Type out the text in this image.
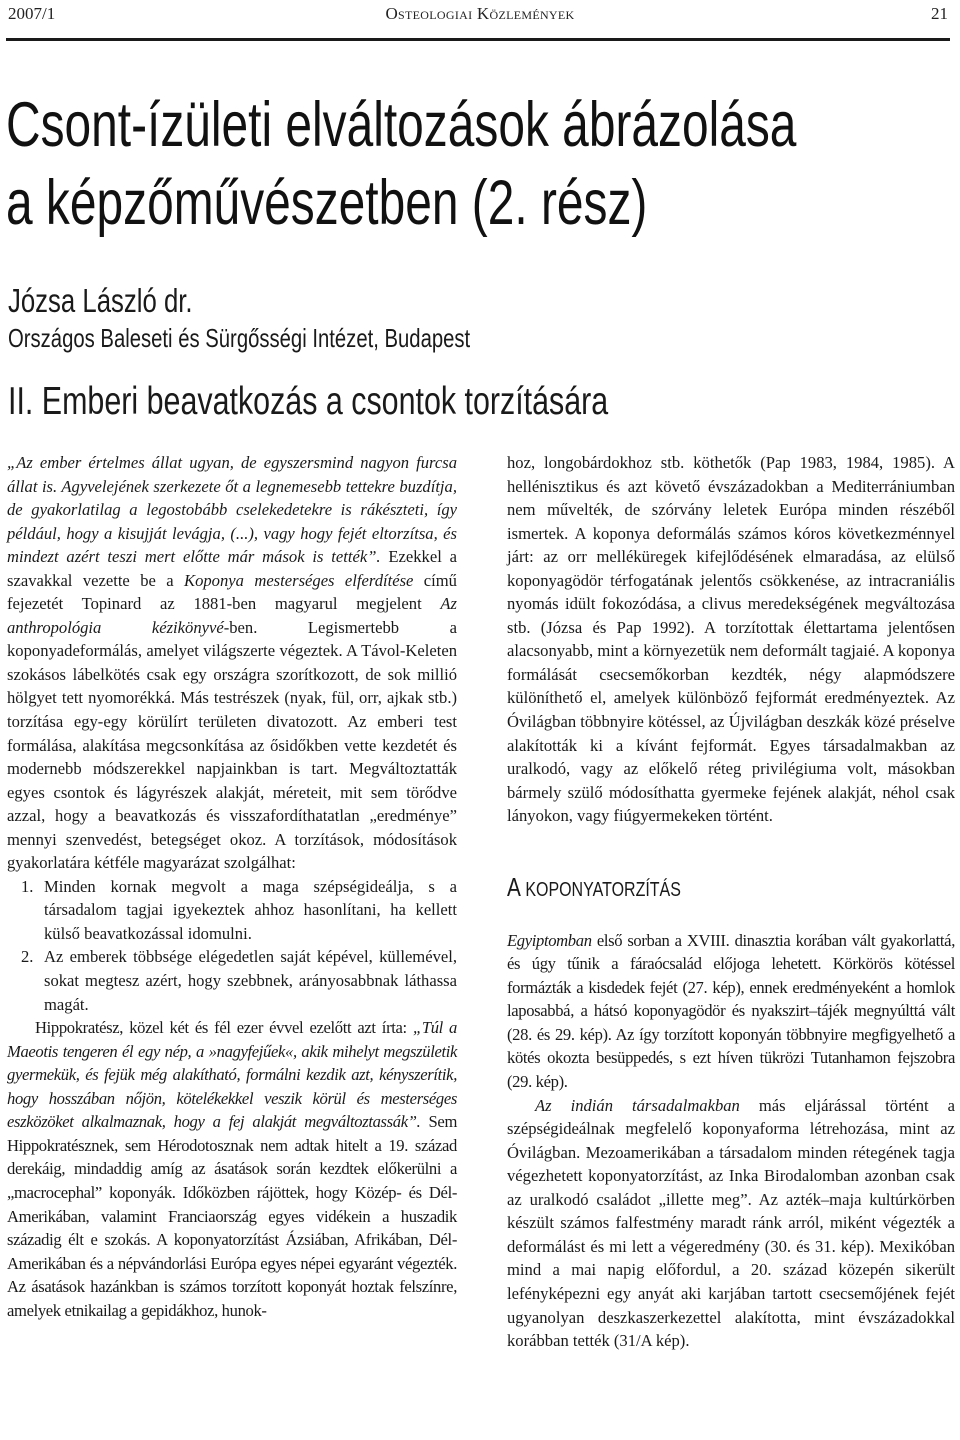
2007/1	Osteologiai Közlemények	21
Csont-ízületi elváltozások ábrázolása
a képzőművészetben (2. rész)

Józsa László dr.

Országos Baleseti és Sürgősségi Intézet, Budapest

II. Emberi beavatkozás a csontok torzítására

„Az ember értelmes állat ugyan, de egyszersmind nagyon furcsa állat is. Agyvelejének szerkezete őt a legnemesebb tettekre buzdítja, de gyakorlatilag a legostobább cselekedetekre is rákészteti, így például, hogy a kisujját levágja, (...), vagy hogy fejét eltorzítsa, és mindezt azért teszi mert előtte már mások is tették”. Ezekkel a szavakkal vezette be a Koponya mesterséges elferdítése című fejezetét Topinard az 1881-ben magyarul megjelent Az anthropológia kézikönyvé-ben. Legismertebb a koponyadeformálás, amelyet világszerte végeztek. A Távol-Keleten szokásos lábelkötés csak egy országra szorítkozott, de sok millió hölgyet tett nyomorékká. Más testrészek (nyak, fül, orr, ajkak stb.) torzítása egy-egy körülírt területen divatozott. Az emberi test formálása, alakítása megcsonkítása az ősidőkben vette kezdetét és modernebb módszerekkel napjainkban is tart. Megváltoztatták egyes csontok és lágyrészek alakját, méreteit, mit sem törődve azzal, hogy a beavatkozás és visszafordíthatatlan „eredménye” mennyi szenvedést, betegséget okoz. A torzítások, módosítások gyakorlatára kétféle magyarázat szolgálhat:

1. Minden kornak megvolt a maga szépségideálja, s a társadalom tagjai igyekeztek ahhoz hasonlítani, ha kellett külső beavatkozással idomulni.
2. Az emberek többsége elégedetlen saját képével, küllemével, sokat megtesz azért, hogy szebbnek, arányosabbnak láthassa magát.

Hippokratész, közel két és fél ezer évvel ezelőtt azt írta: „Túl a Maeotis tengeren él egy nép, a »nagyfejűek«, akik mihelyt megszületik gyermekük, és fejük még alakítható, formálni kezdik azt, kényszerítik, hogy hosszában nőjön, kötelékekkel veszik körül és mesterséges eszközöket alkalmaznak, hogy a fej alakját megváltoztassák”. Sem Hippokratésznek, sem Hérodotosznak nem adtak hitelt a 19. század derekáig, mindaddig amíg az ásatások során kezdtek előkerülni a „macrocephal” koponyák. Időközben rájöttek, hogy Közép- és Dél-Amerikában, valamint Franciaország egyes vidékein a huszadik századig élt e szokás. A koponyatorzítást Ázsiában, Afrikában, Dél-Amerikában és a népvándorlási Európa egyes népei egyaránt végezték. Az ásatások hazánkban is számos torzított koponyát hoztak felszínre, amelyek etnikailag a gepidákhoz, hunok-

hoz, longobárdokhoz stb. köthetők (Pap 1983, 1984, 1985). A hellénisztikus és azt követő évszázadokban a Mediterrániumban nem művelték, de szórvány leletek Európa minden részéből ismertek. A koponya deformálás számos kóros következménnyel járt: az orr melléküregek kifejlődésének elmaradása, az elülső koponyagödör térfogatának jelentős csökkenése, az intracraniális nyomás idült fokozódása, a clivus meredekségének megváltozása stb. (Józsa és Pap 1992). A torzítottak élettartama jelentősen alacsonyabb, mint a környezetük nem deformált tagjaié. A koponya formálását csecsemőkorban kezdték, négy alapmódszere különíthető el, amelyek különböző fejformát eredményeztek. Az Óvilágban többnyire kötéssel, az Újvilágban deszkák közé préselve alakították ki a kívánt fejformát. Egyes társadalmakban az uralkodó, vagy az előkelő réteg privilégiuma volt, másokban bármely szülő módosíthatta gyermeke fejének alakját, néhol csak lányokon, vagy fiúgyermekeken történt.

A KOPONYATORZÍTÁS

Egyiptomban első sorban a XVIII. dinasztia korában vált gyakorlattá, és úgy tűnik a fáraócsalád előjoga lehetett. Körkörös kötéssel formázták a kisdedek fejét (27. kép), ennek eredményeként a homlok laposabbá, a hátsó koponyagödör és nyakszirt–tájék megnyúlttá vált (28. és 29. kép). Az így torzított koponyán többnyire megfigyelhető a kötés okozta besüppedés, s ezt híven tükrözi Tutanhamon fejszobra (29. kép).

Az indián társadalmakban más eljárással történt a szépségideálnak megfelelő koponyaforma létrehozása, mint az Óvilágban. Mezoamerikában a társadalom minden rétegének tagja végezhetett koponyatorzítást, az Inka Birodalomban azonban csak az uralkodó családot „illette meg”. Az azték–maja kultúrkörben készült számos falfestmény maradt ránk arról, miként végezték a deformálást és mi lett a végeredmény (30. és 31. kép). Mexikóban mind a mai napig előfordul, a 20. század közepén sikerült lefényképezni egy anyát aki karjában tartott csecsemőjének fejét ugyanolyan deszkaszerkezettel alakította, mint évszázadokkal korábban tették (31/A kép).
